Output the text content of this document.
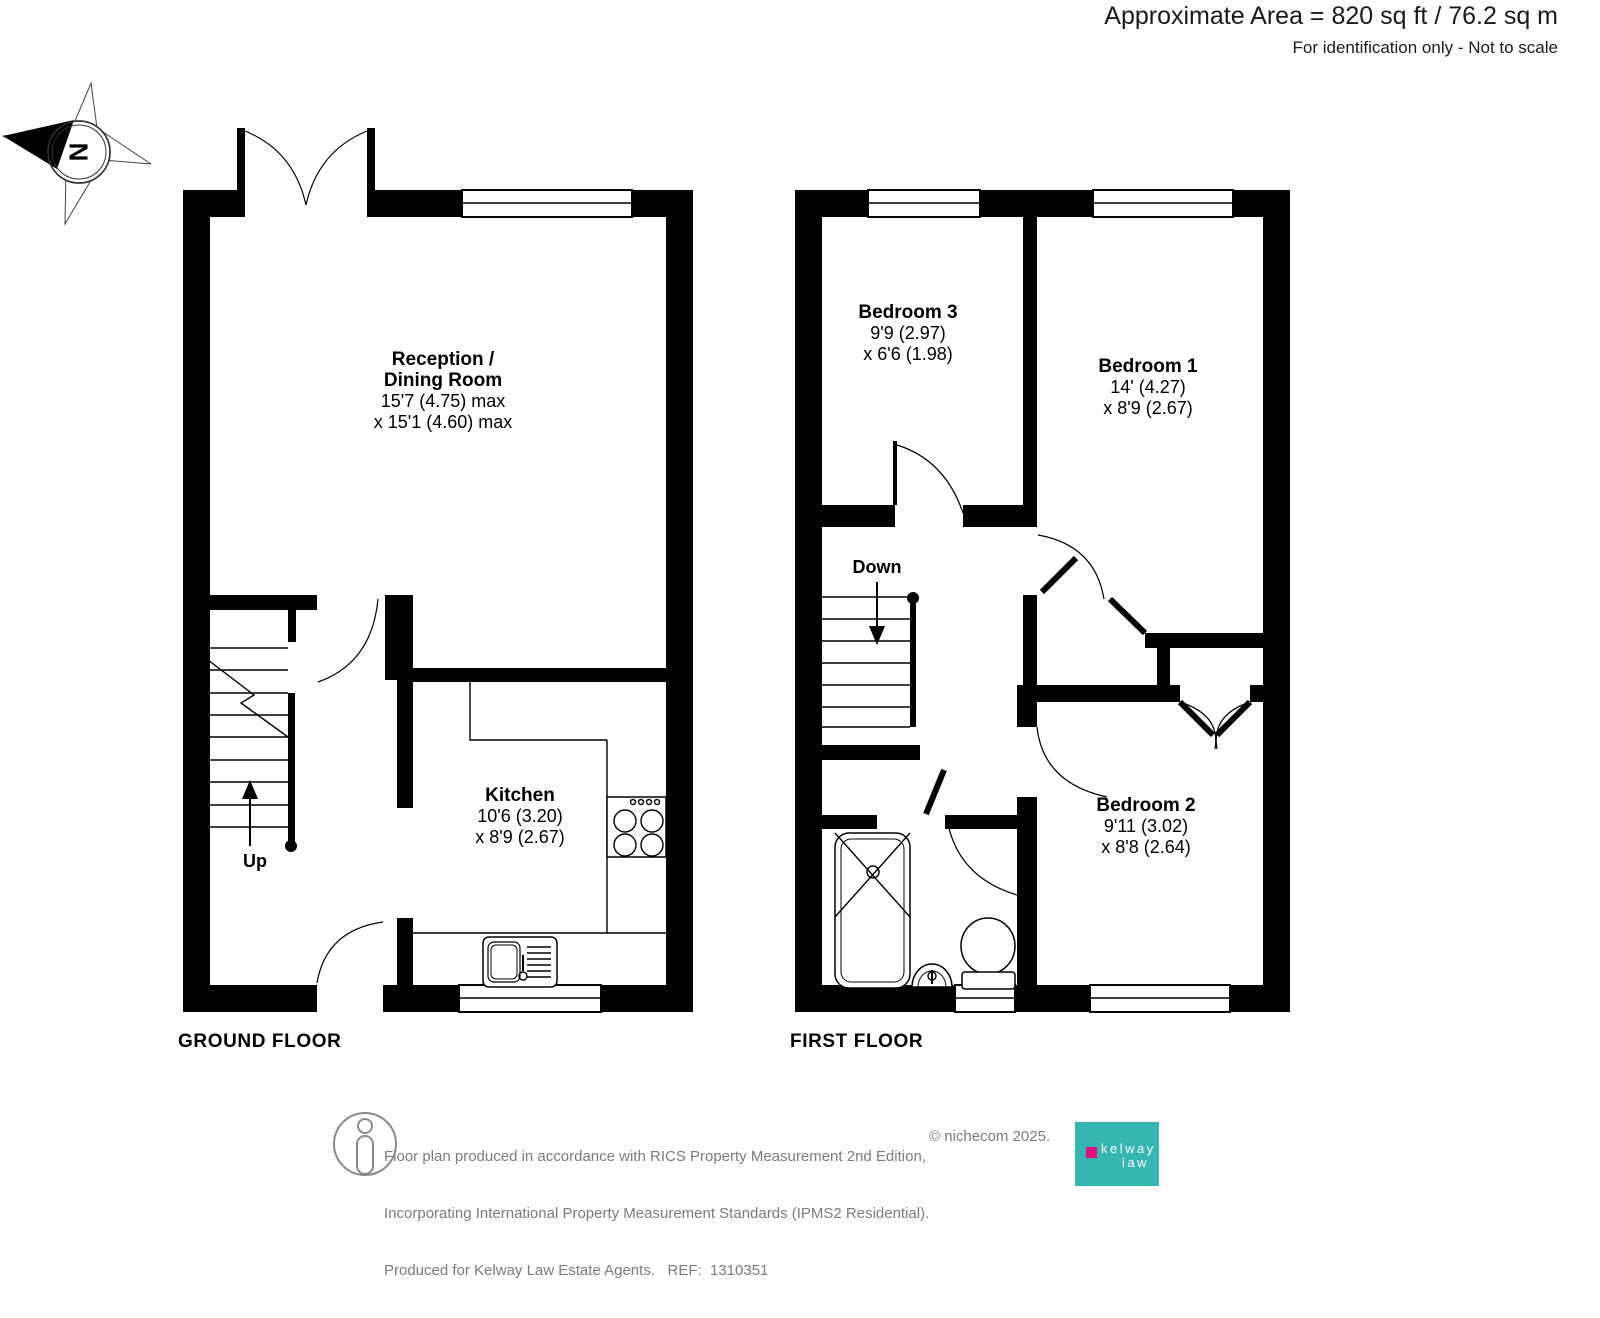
Approximate Area = 820 sq ft / 76.2 sq m
For identification only - Not to scale
N
Reception /
Dining Room
15'7 (4.75) max
x 15'1 (4.60) max
Kitchen
10'6 (3.20)
x 8'9 (2.67)
Bedroom 3
9'9 (2.97)
x 6'6 (1.98)
Bedroom 1
14' (4.27)
x 8'9 (2.67)
Bedroom 2
9'11 (3.02)
x 8'8 (2.64)
Up
Down
GROUND FLOOR	FIRST FLOOR

Floor plan produced in accordance with RICS Property Measurement 2nd Edition,

Incorporating International Property Measurement Standards (IPMS2 Residential).

Produced for Kelway Law Estate Agents.   REF:  1310351

© nichecom 2025.
kelway
law
